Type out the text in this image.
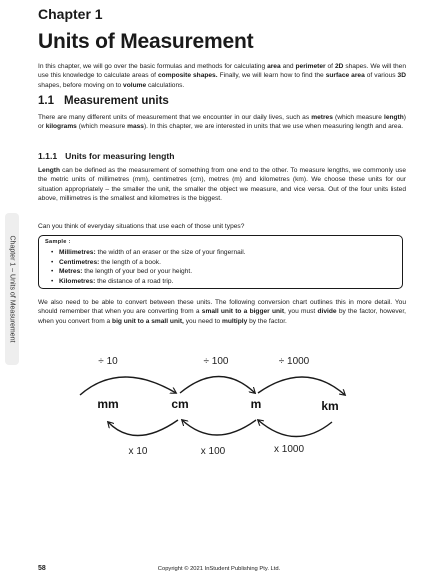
Chapter 1
Units of Measurement

In this chapter, we will go over the basic formulas and methods for calculating area and perimeter of 2D shapes. We will then use this knowledge to calculate areas of composite shapes. Finally, we will learn how to find the surface area of various 3D shapes, before moving on to volume calculations.

1.1 Measurement units

There are many different units of measurement that we encounter in our daily lives, such as metres (which measure length) or kilograms (which measure mass). In this chapter, we are interested in units that we use when measuring length and area.

1.1.1 Units for measuring length

Length can be defined as the measurement of something from one end to the other. To measure lengths, we commonly use the metric units of millimetres (mm), centimetres (cm), metres (m) and kilometres (km). We choose these units for our situation appropriately – the smaller the unit, the smaller the object we measure, and vice versa. Out of the four units listed above, millimetres is the smallest and kilometres is the biggest.

Can you think of everyday situations that use each of those unit types?

Sample :
• Millimetres: the width of an eraser or the size of your fingernail.
• Centimetres: the length of a book.
• Metres: the length of your bed or your height.
• Kilometres: the distance of a road trip.

We also need to be able to convert between these units. The following conversion chart outlines this in more detail. You should remember that when you are converting from a small unit to a bigger unit, you must divide by the factor, however, when you convert from a big unit to a small unit, you need to multiply by the factor.

÷ 10	÷ 100	÷ 1000
mm	cm	m	km
x 10	x 100	x 1000
Chapter 1 – Units of Measurement
58	Copyright © 2021 InStudent Publishing Pty. Ltd.
